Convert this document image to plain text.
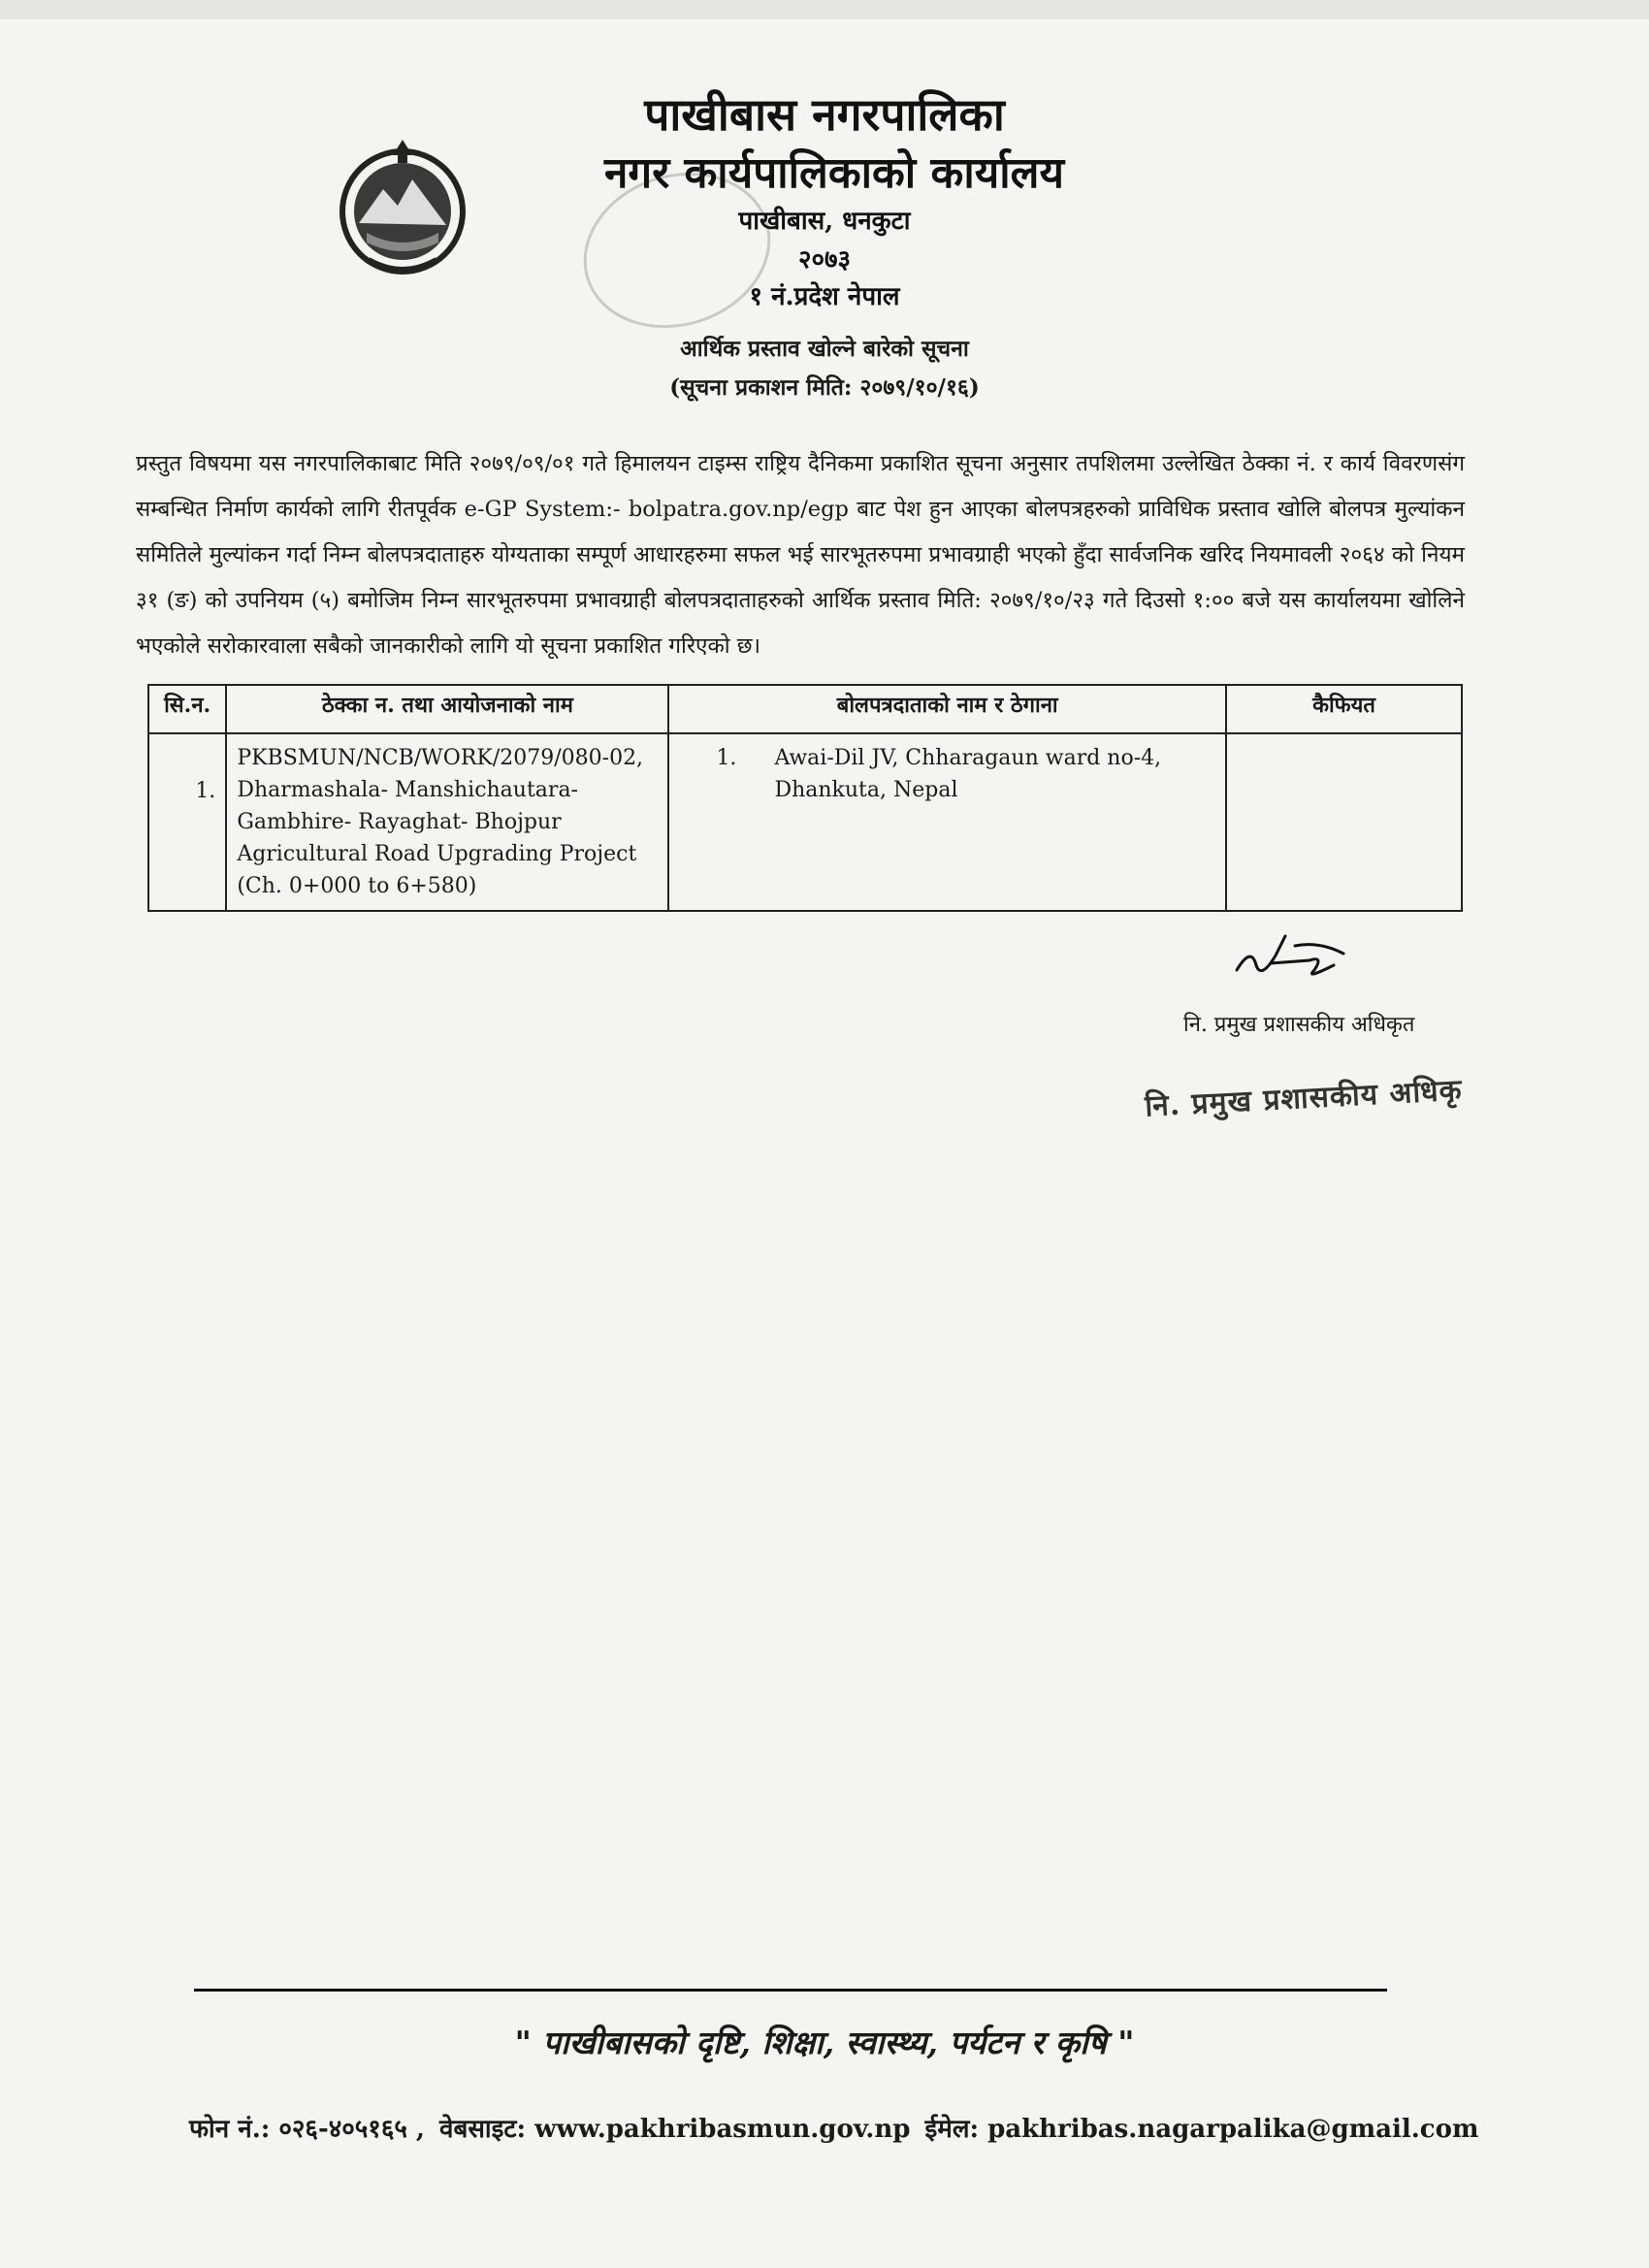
पाखीबास नगरपालिका
नगर कार्यपालिकाको कार्यालय
पाखीबास, धनकुटा
२०७३
१ नं.प्रदेश नेपाल
आर्थिक प्रस्ताव खोल्ने बारेको सूचना
(सूचना प्रकाशन मिति: २०७९/१०/१६)

प्रस्तुत विषयमा यस नगरपालिकाबाट मिति २०७९/०९/०१ गते हिमालयन टाइम्स राष्ट्रिय दैनिकमा प्रकाशित सूचना अनुसार तपशिलमा उल्लेखित ठेक्का नं. र कार्य विवरणसंग सम्बन्धित निर्माण कार्यको लागि रीतपूर्वक e-GP System:- bolpatra.gov.np/egp बाट पेश हुन आएका बोलपत्रहरुको प्राविधिक प्रस्ताव खोलि बोलपत्र मुल्यांकन समितिले मुल्यांकन गर्दा निम्न बोलपत्रदाताहरु योग्यताका सम्पूर्ण आधारहरुमा सफल भई सारभूतरुपमा प्रभावग्राही भएको हुँदा सार्वजनिक खरिद नियमावली २०६४ को नियम ३१ (ङ) को उपनियम (५) बमोजिम निम्न सारभूतरुपमा प्रभावग्राही बोलपत्रदाताहरुको आर्थिक प्रस्ताव मिति: २०७९/१०/२३ गते दिउसो १:०० बजे यस कार्यालयमा खोलिने भएकोले सरोकारवाला सबैको जानकारीको लागि यो सूचना प्रकाशित गरिएको छ।

सि.न.	ठेक्का न. तथा आयोजनाको नाम	बोलपत्रदाताको नाम र ठेगाना	कैफियत
1.	PKBSMUN/NCB/WORK/2079/080-02, Dharmashala- Manshichautara- Gambhire- Rayaghat- Bhojpur Agricultural Road Upgrading Project (Ch. 0+000 to 6+580)	1. Awai-Dil JV, Chharagaun ward no-4, Dhankuta, Nepal	

नि. प्रमुख प्रशासकीय अधिकृत
नि. प्रमुख प्रशासकीय अधिकृ
" पाखीबासको दृष्टि, शिक्षा, स्वास्थ्य, पर्यटन र कृषि "
फोन नं.: ०२६-४०५१६५ , वेबसाइट: www.pakhribasmun.gov.np ईमेल: pakhribas.nagarpalika@gmail.com
